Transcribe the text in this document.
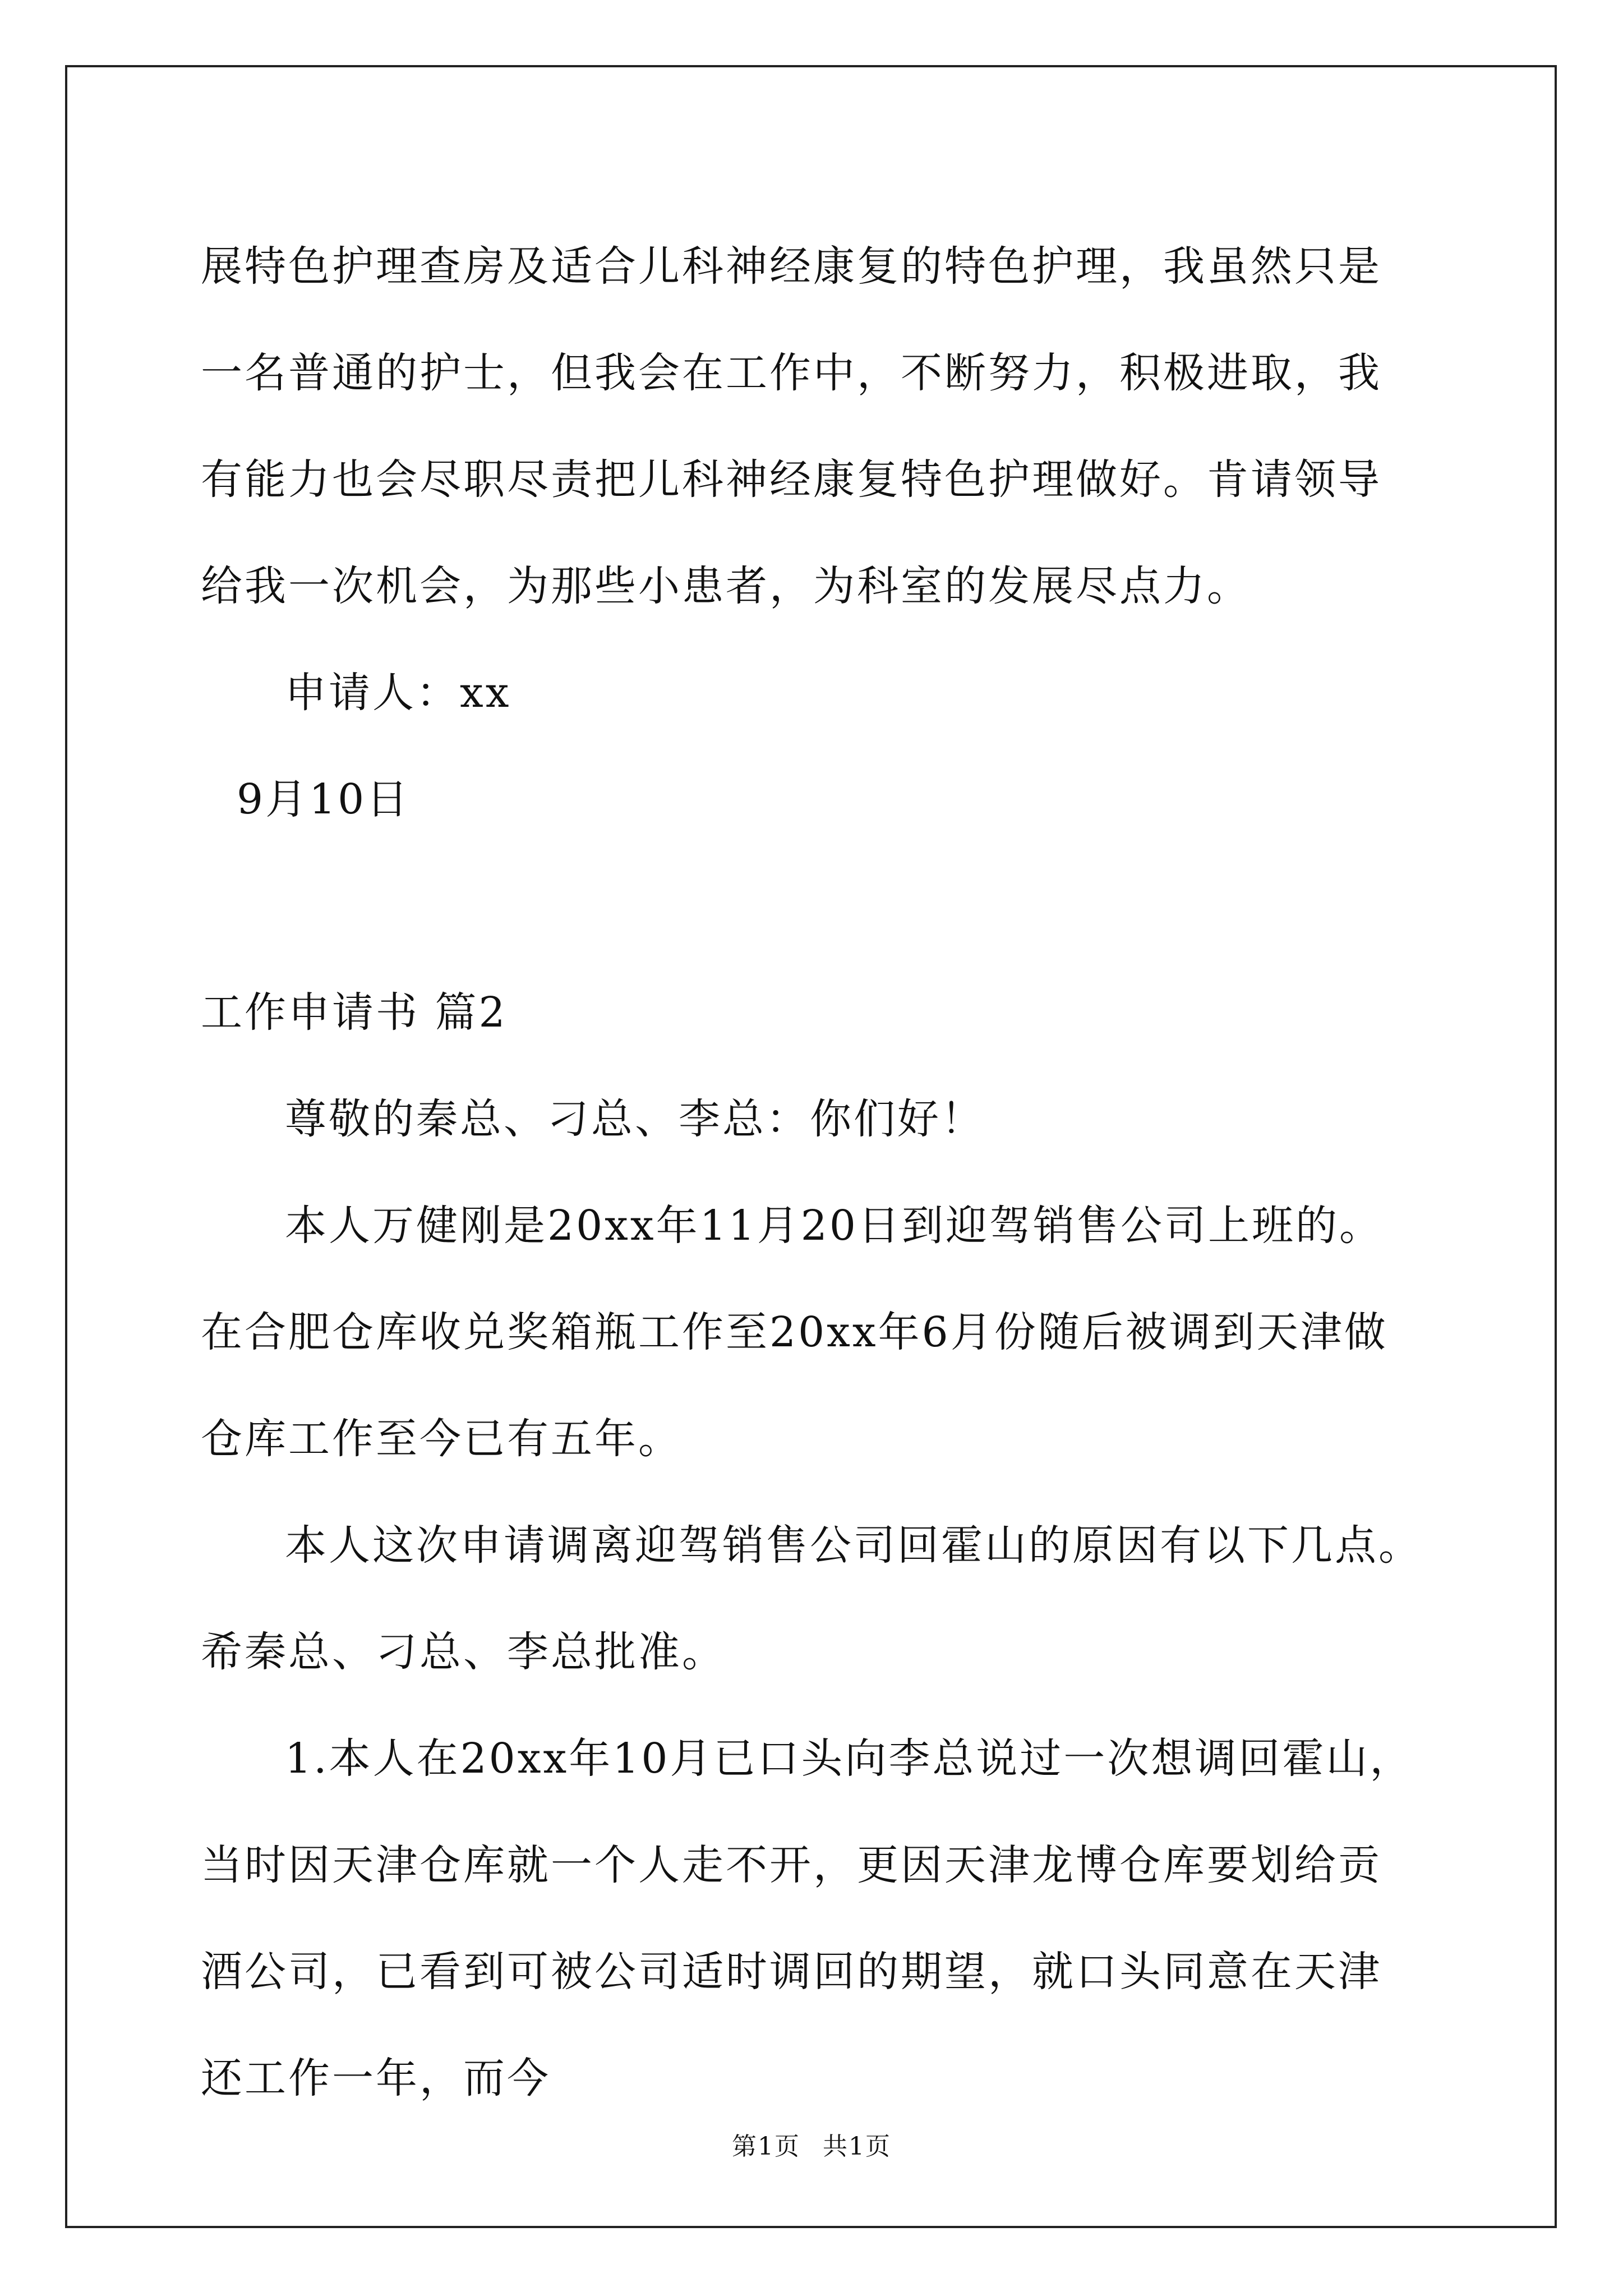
展特色护理查房及适合儿科神经康复的特色护理，我虽然只是一名普通的护士，但我会在工作中，不断努力，积极进取，我有能力也会尽职尽责把儿科神经康复特色护理做好。肯请领导给我一次机会，为那些小患者，为科室的发展尽点力。

申请人：xx

9月10日

工作申请书 篇2

尊敬的秦总、刁总、李总：你们好！

本人万健刚是20xx年11月20日到迎驾销售公司上班的。在合肥仓库收兑奖箱瓶工作至20xx年6月份随后被调到天津做仓库工作至今已有五年。

本人这次申请调离迎驾销售公司回霍山的原因有以下几点。希秦总、刁总、李总批准。

1.本人在20xx年10月已口头向李总说过一次想调回霍山，当时因天津仓库就一个人走不开，更因天津龙博仓库要划给贡酒公司，已看到可被公司适时调回的期望，就口头同意在天津还工作一年，而今

第1页 共1页
